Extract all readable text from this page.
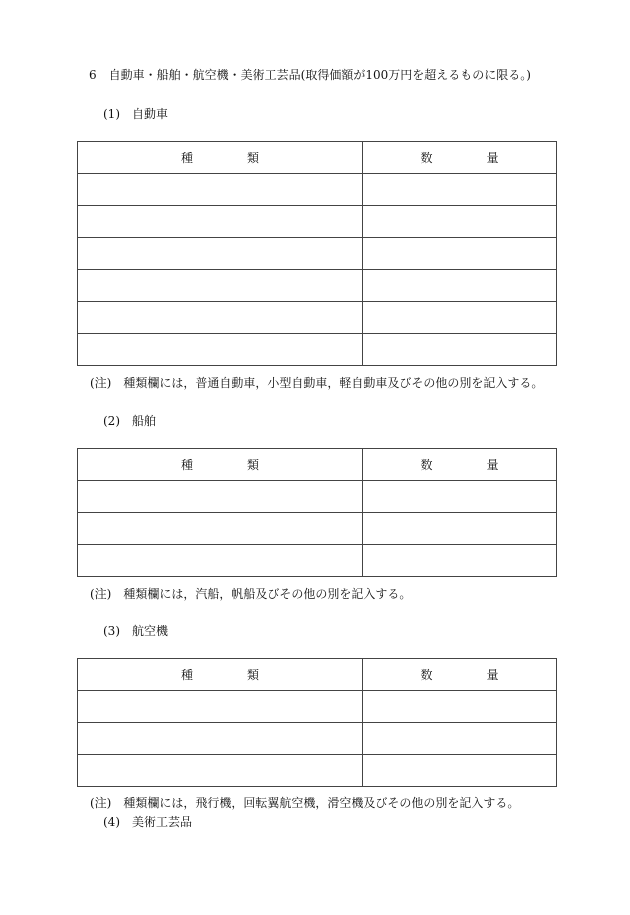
6　自動車・船舶・航空機・美術工芸品(取得価額が100万円を超えるものに限る。)
(1)　自動車
種 類	数 量

(注)　種類欄には，普通自動車，小型自動車，軽自動車及びその他の別を記入する。
(2)　船舶
種 類	数 量

(注)　種類欄には，汽船，帆船及びその他の別を記入する。
(3)　航空機
種 類	数 量

(注)　種類欄には，飛行機，回転翼航空機，滑空機及びその他の別を記入する。
(4)　美術工芸品
